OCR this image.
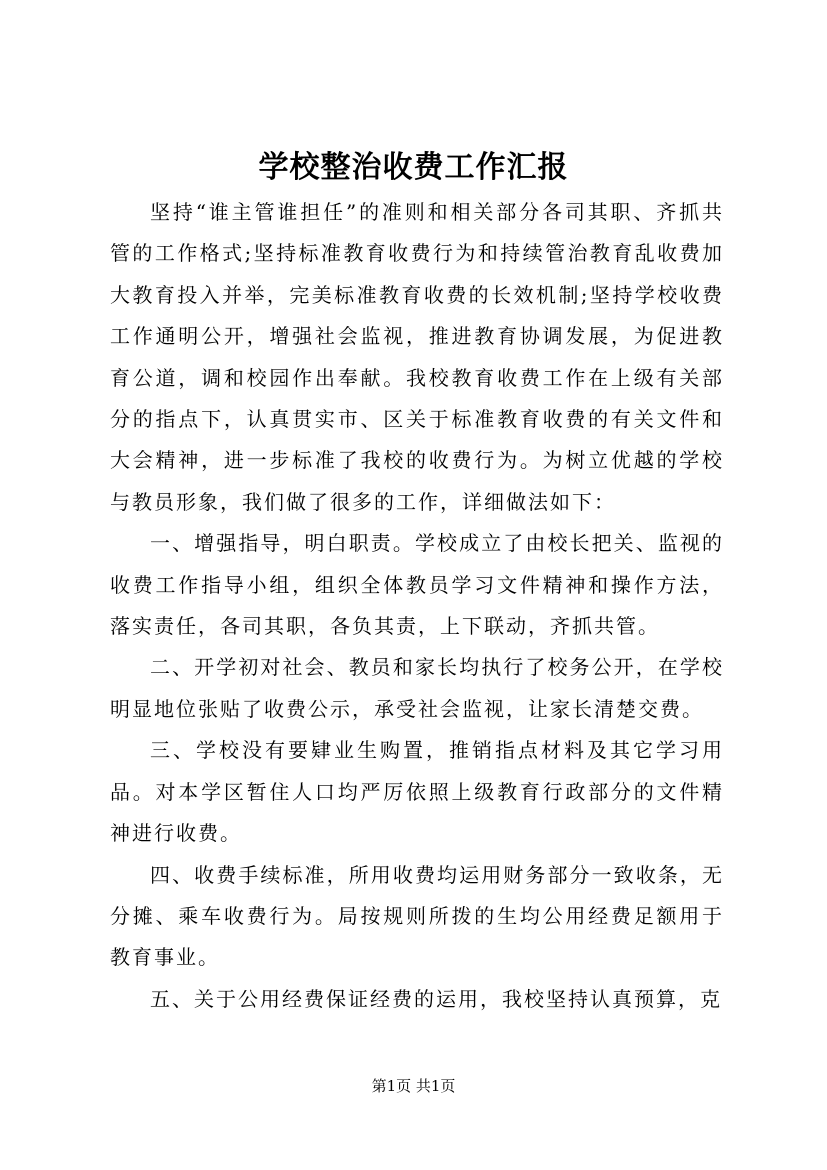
学校整治收费工作汇报

坚持“谁主管谁担任”的准则和相关部分各司其职、齐抓共管的工作格式;坚持标准教育收费行为和持续管治教育乱收费加大教育投入并举，完美标准教育收费的长效机制;坚持学校收费工作通明公开，增强社会监视，推进教育协调发展，为促进教育公道，调和校园作出奉献。我校教育收费工作在上级有关部分的指点下，认真贯实市、区关于标准教育收费的有关文件和大会精神，进一步标准了我校的收费行为。为树立优越的学校与教员形象，我们做了很多的工作，详细做法如下：

一、增强指导，明白职责。学校成立了由校长把关、监视的收费工作指导小组，组织全体教员学习文件精神和操作方法，落实责任，各司其职，各负其责，上下联动，齐抓共管。

二、开学初对社会、教员和家长均执行了校务公开，在学校明显地位张贴了收费公示，承受社会监视，让家长清楚交费。

三、学校没有要肄业生购置，推销指点材料及其它学习用品。对本学区暂住人口均严厉依照上级教育行政部分的文件精神进行收费。

四、收费手续标准，所用收费均运用财务部分一致收条，无分摊、乘车收费行为。局按规则所拨的生均公用经费足额用于教育事业。

五、关于公用经费保证经费的运用，我校坚持认真预算，克

第1页 共1页
